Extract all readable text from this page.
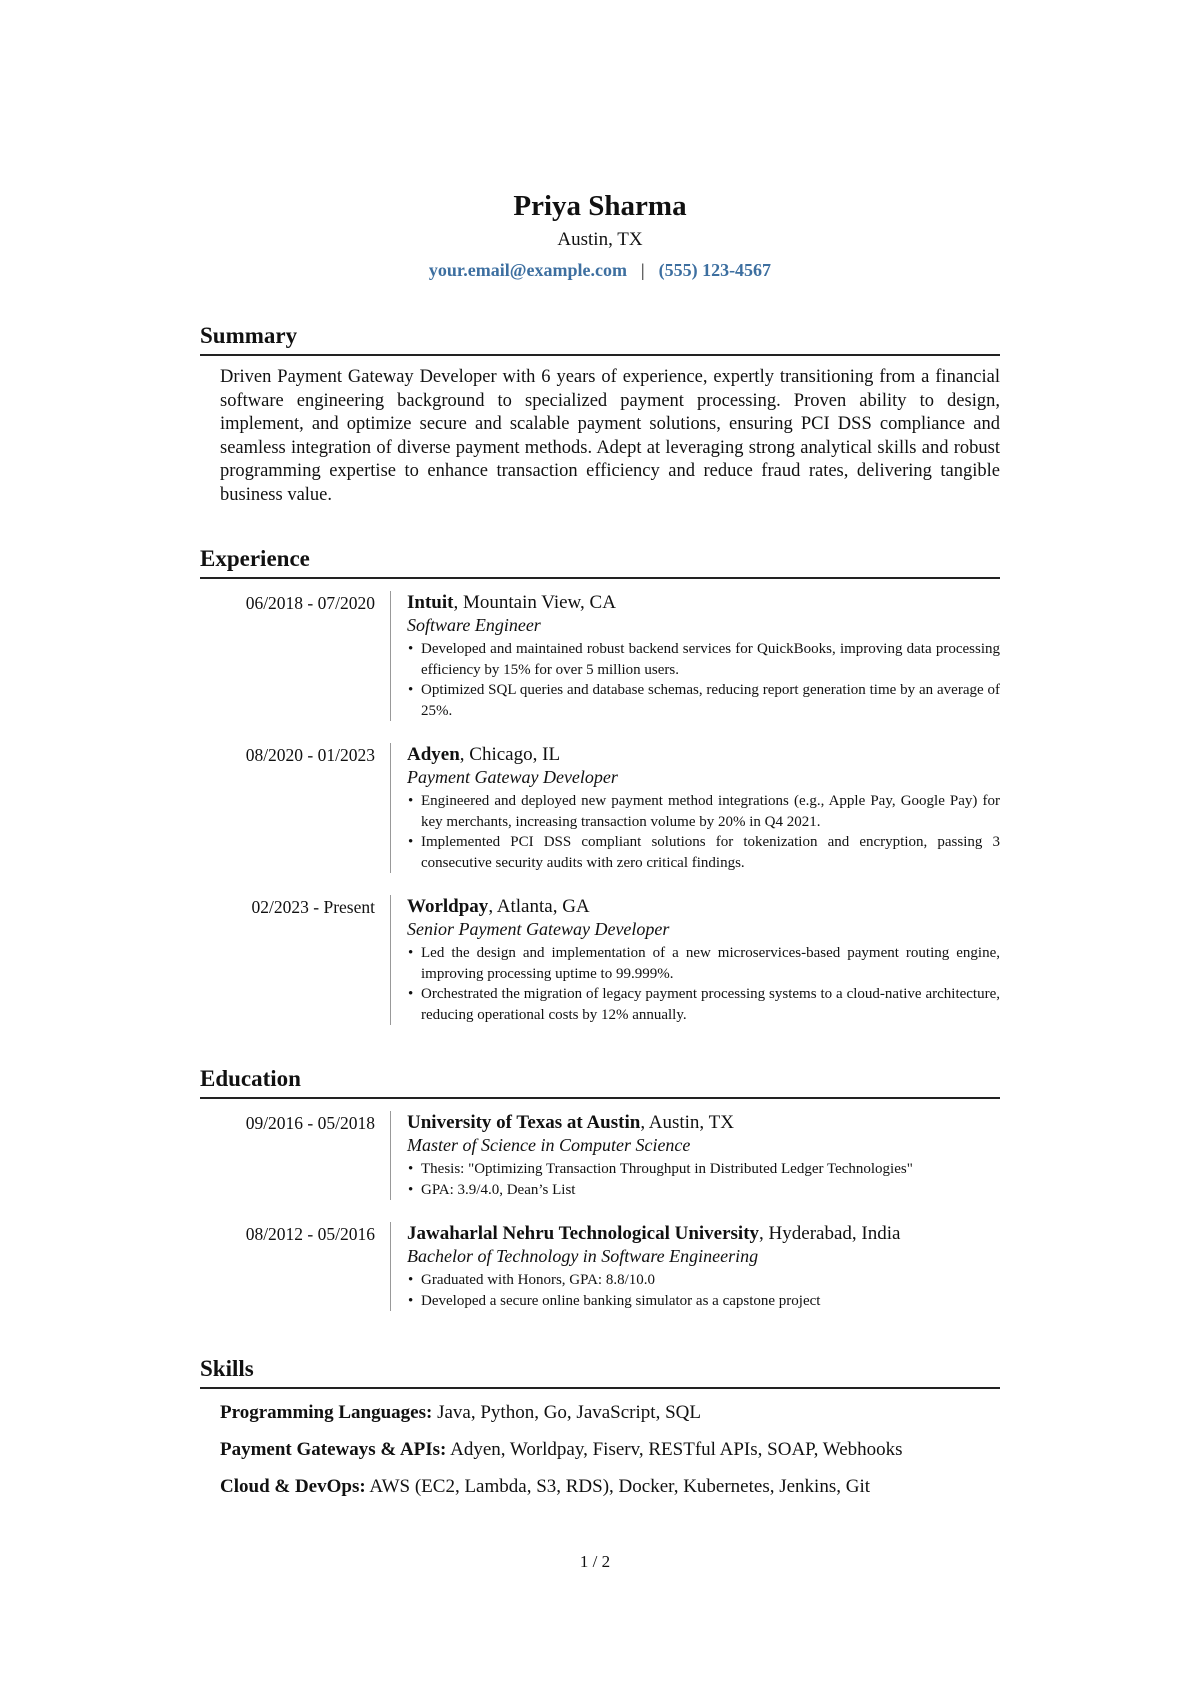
Priya Sharma
Austin, TX
your.email@example.com | (555) 123-4567
Summary

Driven Payment Gateway Developer with 6 years of experience, expertly transitioning from a financial software engineering background to specialized payment processing. Proven ability to design, implement, and optimize secure and scalable payment solutions, ensuring PCI DSS compliance and seamless integration of diverse payment methods. Adept at leveraging strong analytical skills and robust programming expertise to enhance transaction efficiency and reduce fraud rates, delivering tangible business value.

Experience
06/2018 - 07/2020	Intuit, Mountain View, CA
Software Engineer
• Developed and maintained robust backend services for QuickBooks, improving data processing efficiency by 15% for over 5 million users.
• Optimized SQL queries and database schemas, reducing report generation time by an average of 25%.
08/2020 - 01/2023	Adyen, Chicago, IL
Payment Gateway Developer
• Engineered and deployed new payment method integrations (e.g., Apple Pay, Google Pay) for key merchants, increasing transaction volume by 20% in Q4 2021.
• Implemented PCI DSS compliant solutions for tokenization and encryption, passing 3 consecutive security audits with zero critical findings.
02/2023 - Present	Worldpay, Atlanta, GA
Senior Payment Gateway Developer
• Led the design and implementation of a new microservices-based payment routing engine, improving processing uptime to 99.999%.
• Orchestrated the migration of legacy payment processing systems to a cloud-native architecture, reducing operational costs by 12% annually.
Education
09/2016 - 05/2018	University of Texas at Austin, Austin, TX
Master of Science in Computer Science
• Thesis: "Optimizing Transaction Throughput in Distributed Ledger Technologies"
• GPA: 3.9/4.0, Dean’s List
08/2012 - 05/2016	Jawaharlal Nehru Technological University, Hyderabad, India
Bachelor of Technology in Software Engineering
• Graduated with Honors, GPA: 8.8/10.0
• Developed a secure online banking simulator as a capstone project
Skills
Programming Languages: Java, Python, Go, JavaScript, SQL
Payment Gateways & APIs: Adyen, Worldpay, Fiserv, RESTful APIs, SOAP, Webhooks
Cloud & DevOps: AWS (EC2, Lambda, S3, RDS), Docker, Kubernetes, Jenkins, Git
1 / 2
